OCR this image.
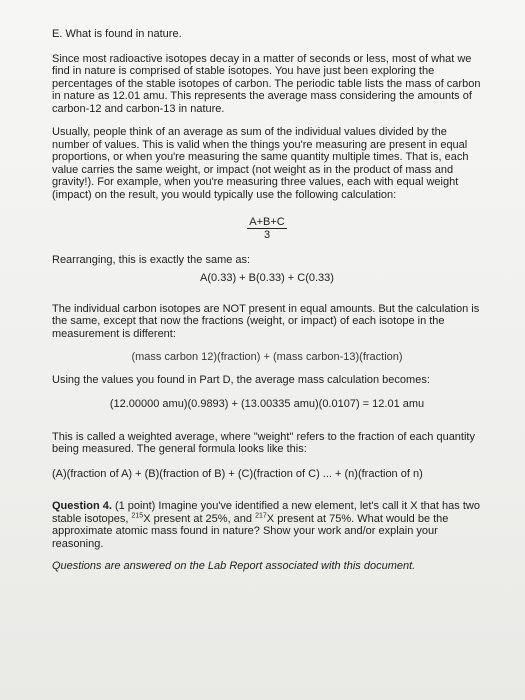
E. What is found in nature.

Since most radioactive isotopes decay in a matter of seconds or less, most of what we find in nature is comprised of stable isotopes. You have just been exploring the percentages of the stable isotopes of carbon. The periodic table lists the mass of carbon in nature as 12.01 amu. This represents the average mass considering the amounts of carbon-12 and carbon-13 in nature.

Usually, people think of an average as sum of the individual values divided by the number of values. This is valid when the things you're measuring are present in equal proportions, or when you're measuring the same quantity multiple times. That is, each value carries the same weight, or impact (not weight as in the product of mass and gravity!). For example, when you're measuring three values, each with equal weight (impact) on the result, you would typically use the following calculation:

$\frac{A+B+C}{3}$

Rearranging, this is exactly the same as:

A(0.33) + B(0.33) + C(0.33)

The individual carbon isotopes are NOT present in equal amounts. But the calculation is the same, except that now the fractions (weight, or impact) of each isotope in the measurement is different:

(mass carbon 12)(fraction) + (mass carbon-13)(fraction)

Using the values you found in Part D, the average mass calculation becomes:

(12.00000 amu)(0.9893) + (13.00335 amu)(0.0107) = 12.01 amu

This is called a weighted average, where "weight" refers to the fraction of each quantity being measured. The general formula looks like this:

(A)(fraction of A) + (B)(fraction of B) + (C)(fraction of C) ... + (n)(fraction of n)

Question 4. (1 point) Imagine you've identified a new element, let's call it X that has two stable isotopes, $^{215}$X present at 25%, and $^{217}$X present at 75%. What would be the approximate atomic mass found in nature? Show your work and/or explain your reasoning.

Questions are answered on the Lab Report associated with this document.
